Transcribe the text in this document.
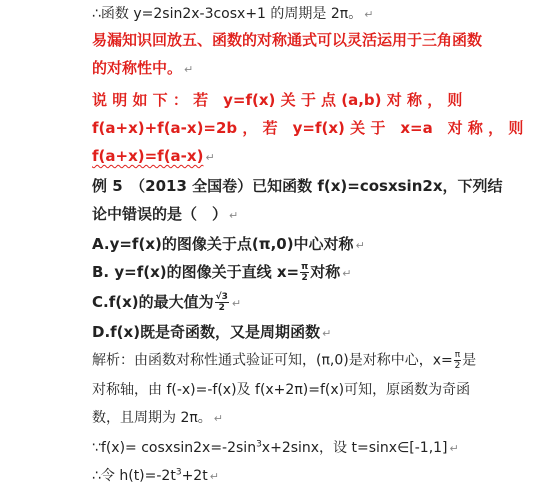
∴函数 y=2sin2x-3cosx+1 的周期是 2π。 ↵
易漏知识回放五、函数的对称通式可以灵活运用于三角函数
的对称性中。 ↵
说 明 如 下 ： 若　y=f(x) 关 于 点 (a,b) 对 称 ， 则
f(a+x)+f(a-x)=2b ， 若　y=f(x) 关 于　x=a　对 称 ， 则
f(a+x)=f(a-x) ↵
例 5　（2013 全国卷）已知函数 f(x)=cosxsin2x，下列结
论中错误的是（　） ↵
A.y=f(x)的图像关于点(π,0)中心对称 ↵
B. y=f(x)的图像关于直线 $x= \frac{\pi}{2}$ 对称 ↵
C.f(x)的最大值为 $\frac{√3}{2}$ ↵
D.f(x)既是奇函数，又是周期函数 ↵
解析：由函数对称性通式验证可知，(π,0)是对称中心，$x= \frac{\pi}{2}$ 是
对称轴，由 f(-x)=-f(x)及 f(x+2π)=f(x)可知，原函数为奇函
数，且周期为 2π。 ↵
∵f(x)= $cosxsin2x=-2\sin^3x+2\sin x$，设 t=sinx∈[-1,1] ↵
∴令 $h(t)=-2t^3+2t$ ↵
